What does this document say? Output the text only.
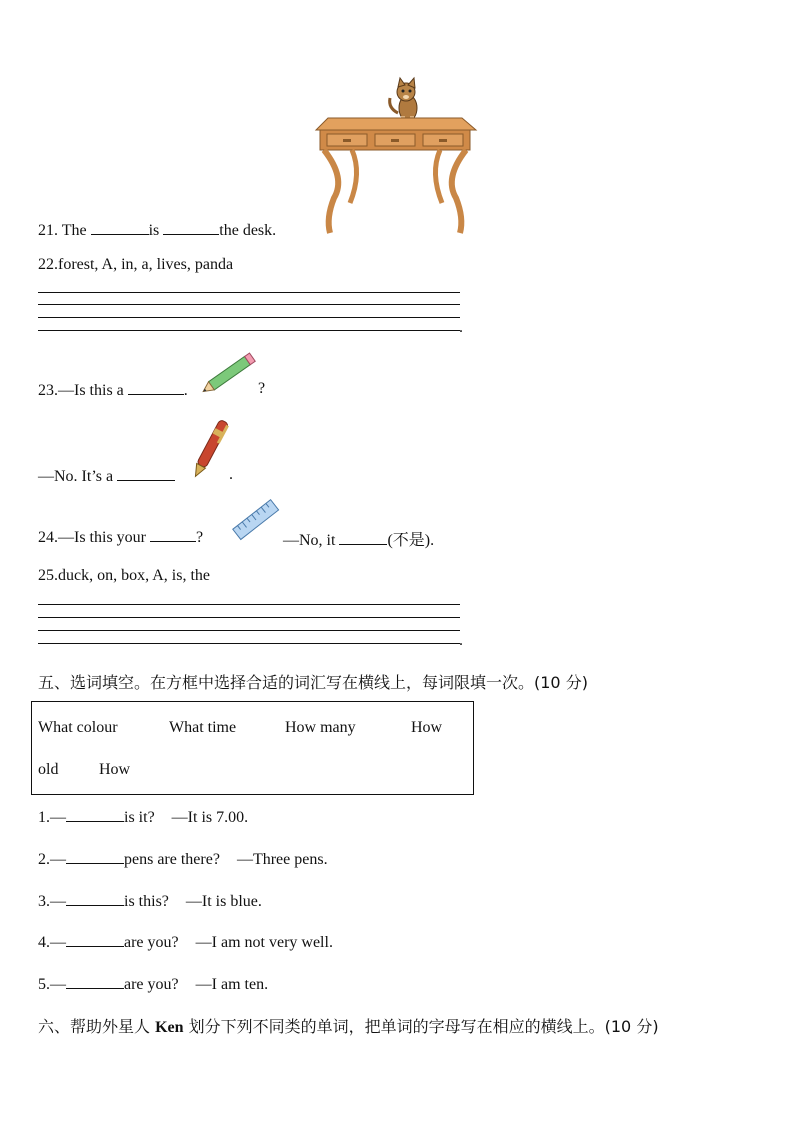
21. The	is	the desk.
22.forest, A, in, a, lives, panda
.
23.—Is this a	.	?
—No. It’s a	.
24.—Is this your	?	—No, it	(不是).
25.duck, on, box, A, is, the
.
五、选词填空。在方框中选择合适的词汇写在横线上，每词限填一次。(10 分)
What colour	What time	How many	How
old	How
1.—	is it? —It is 7.00.
2.—	pens are there? —Three pens.
3.—	is this? —It is blue.
4.—	are you? —I am not very well.
5.—	are you? —I am ten.
六、帮助外星人 Ken 划分下列不同类的单词，把单词的字母写在相应的横线上。(10 分)
